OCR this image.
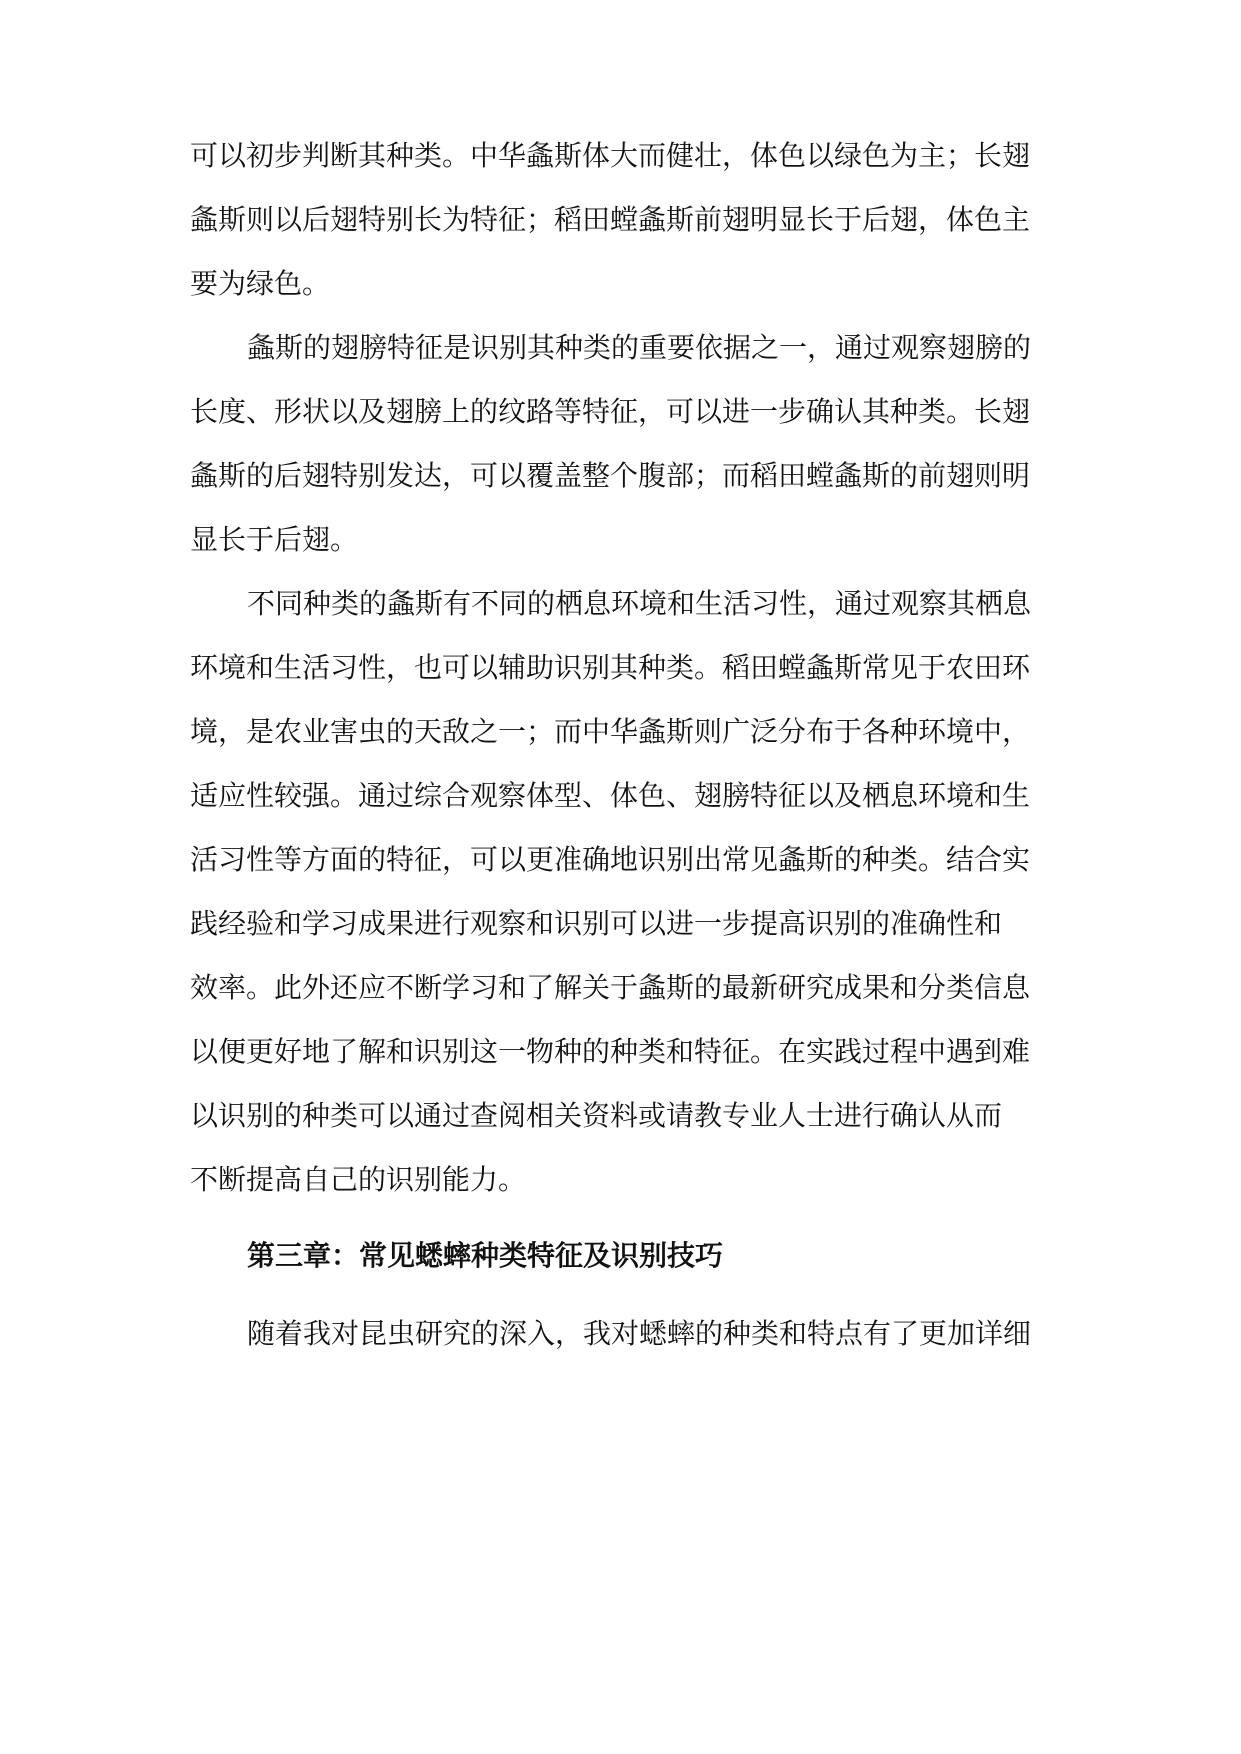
可以初步判断其种类。中华螽斯体大而健壮，体色以绿色为主；长翅
螽斯则以后翅特别长为特征；稻田螳螽斯前翅明显长于后翅，体色主
要为绿色。
螽斯的翅膀特征是识别其种类的重要依据之一，通过观察翅膀的
长度、形状以及翅膀上的纹路等特征，可以进一步确认其种类。长翅
螽斯的后翅特别发达，可以覆盖整个腹部；而稻田螳螽斯的前翅则明
显长于后翅。
不同种类的螽斯有不同的栖息环境和生活习性，通过观察其栖息
环境和生活习性，也可以辅助识别其种类。稻田螳螽斯常见于农田环
境，是农业害虫的天敌之一；而中华螽斯则广泛分布于各种环境中，
适应性较强。通过综合观察体型、体色、翅膀特征以及栖息环境和生
活习性等方面的特征，可以更准确地识别出常见螽斯的种类。结合实
践经验和学习成果进行观察和识别可以进一步提高识别的准确性和
效率。此外还应不断学习和了解关于螽斯的最新研究成果和分类信息
以便更好地了解和识别这一物种的种类和特征。在实践过程中遇到难
以识别的种类可以通过查阅相关资料或请教专业人士进行确认从而
不断提高自己的识别能力。
第三章：常见蟋蟀种类特征及识别技巧
随着我对昆虫研究的深入，我对蟋蟀的种类和特点有了更加详细
